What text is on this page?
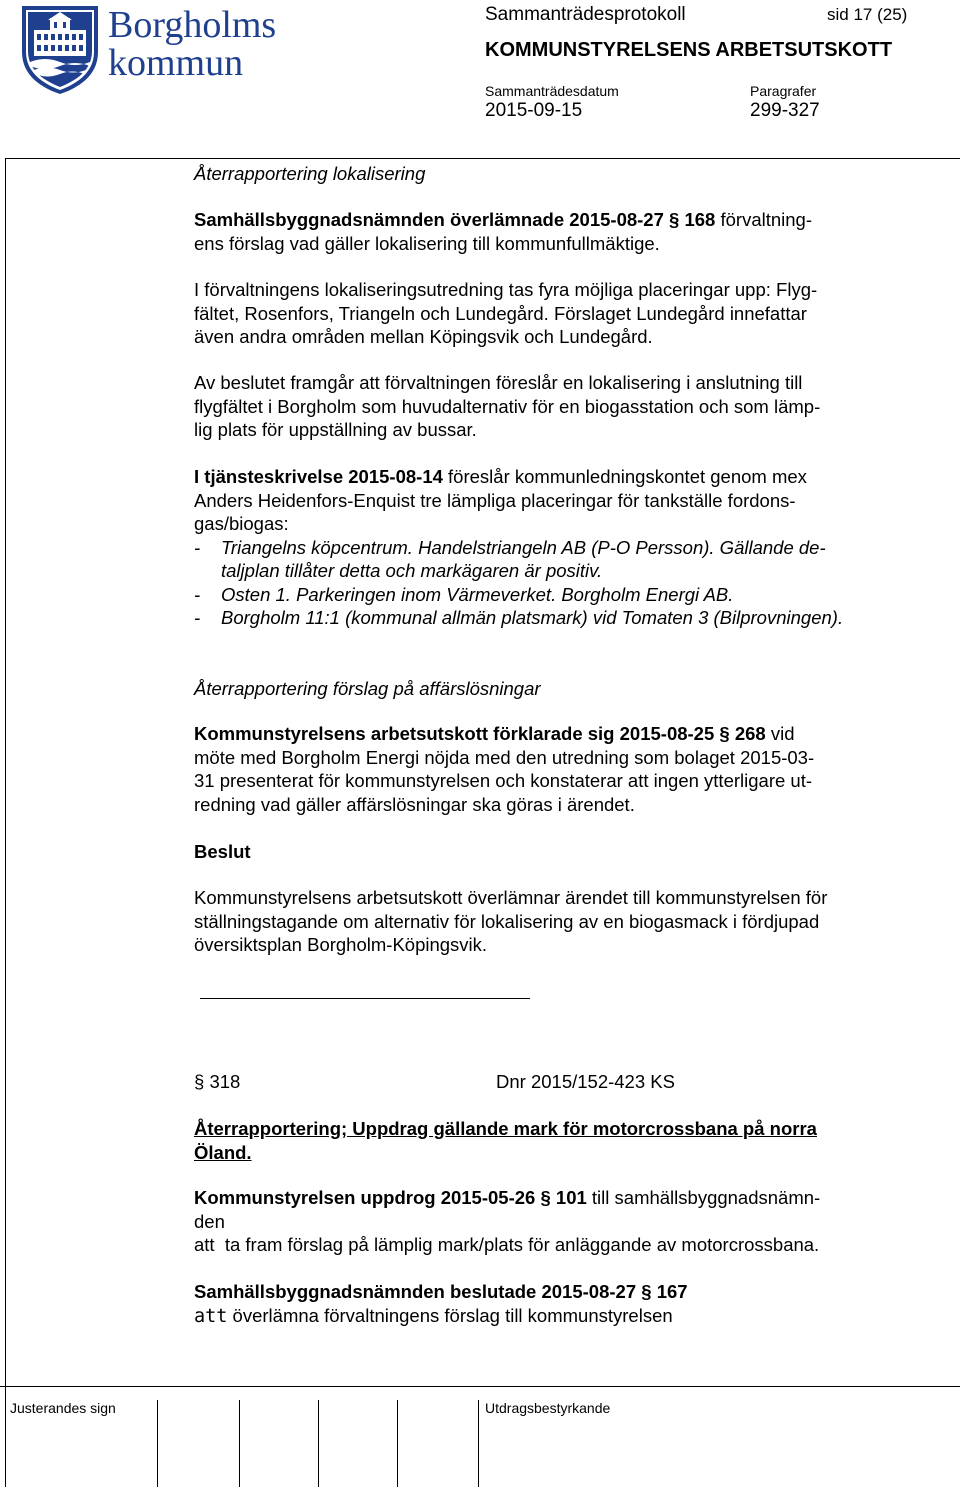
Borgholms
kommun
Sammanträdesprotokoll	sid 17 (25)
KOMMUNSTYRELSENS ARBETSUTSKOTT
Sammanträdesdatum
2015-09-15
Paragrafer
299-327
Återrapportering lokalisering

Samhällsbyggnadsnämnden överlämnade 2015-08-27 § 168 förvaltning-

ens förslag vad gäller lokalisering till kommunfullmäktige.

I förvaltningens lokaliseringsutredning tas fyra möjliga placeringar upp: Flyg-

fältet, Rosenfors, Triangeln och Lundegård. Förslaget Lundegård innefattar

även andra områden mellan Köpingsvik och Lundegård.

Av beslutet framgår att förvaltningen föreslår en lokalisering i anslutning till

flygfältet i Borgholm som huvudalternativ för en biogasstation och som lämp-

lig plats för uppställning av bussar.

I tjänsteskrivelse 2015-08-14 föreslår kommunledningskontet genom mex

Anders Heidenfors-Enquist tre lämpliga placeringar för tankställe fordons-

gas/biogas:

-	Triangelns köpcentrum. Handelstriangeln AB (P-O Persson). Gällande de-

taljplan tillåter detta och markägaren är positiv.

-	Osten 1. Parkeringen inom Värmeverket. Borgholm Energi AB.

-	Borgholm 11:1 (kommunal allmän platsmark) vid Tomaten 3 (Bilprovningen).

Återrapportering förslag på affärslösningar

Kommunstyrelsens arbetsutskott förklarade sig 2015-08-25 § 268 vid

möte med Borgholm Energi nöjda med den utredning som bolaget 2015-03-

31 presenterat för kommunstyrelsen och konstaterar att ingen ytterligare ut-

redning vad gäller affärslösningar ska göras i ärendet.

Beslut

Kommunstyrelsens arbetsutskott överlämnar ärendet till kommunstyrelsen för

ställningstagande om alternativ för lokalisering av en biogasmack i fördjupad

översiktsplan Borgholm-Köpingsvik.

§ 318	Dnr 2015/152-423 KS

Återrapportering; Uppdrag gällande mark för motorcrossbana på norra

Öland.

Kommunstyrelsen uppdrog 2015-05-26 § 101 till samhällsbyggnadsnämn-

den

att  ta fram förslag på lämplig mark/plats för anläggande av motorcrossbana.

Samhällsbyggnadsnämnden beslutade 2015-08-27 § 167

att överlämna förvaltningens förslag till kommunstyrelsen

Justerandes sign	Utdragsbestyrkande
